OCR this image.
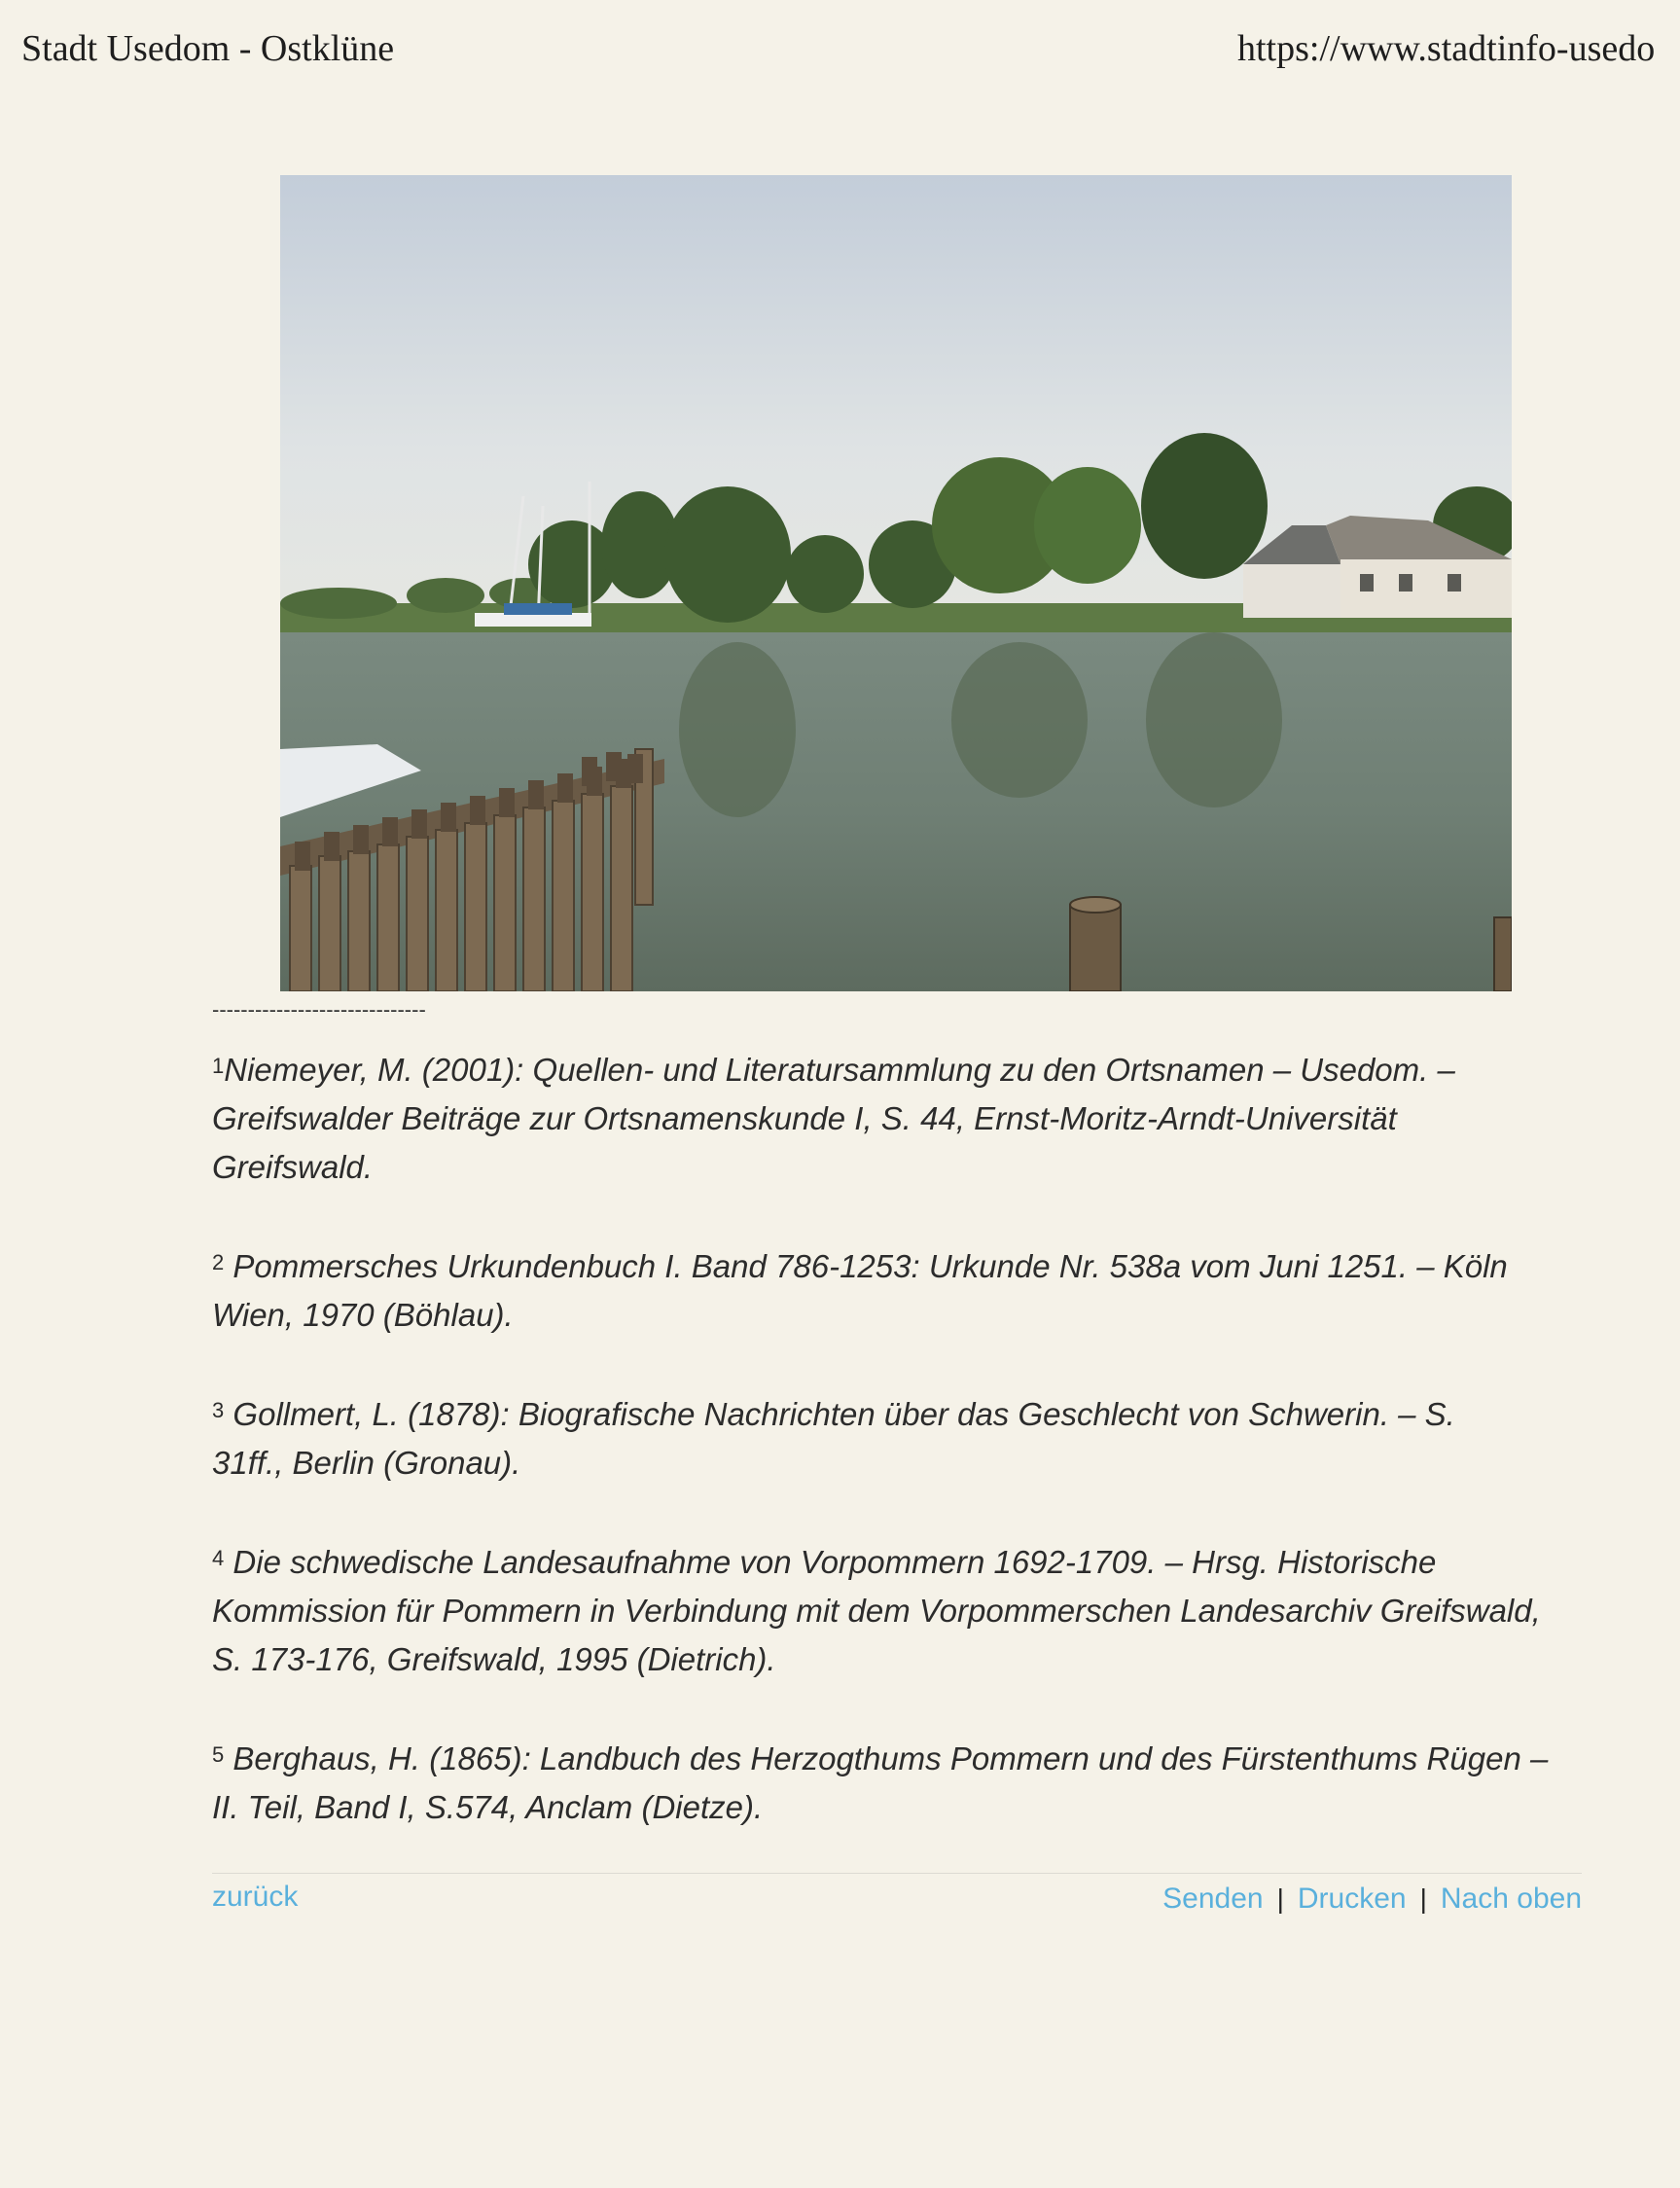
Stadt Usedom - Ostklüne	https://www.stadtinfo-usedo
------------------------------

$^1$Niemeyer, M. (2001): Quellen- und Literatursammlung zu den Ortsnamen – Usedom. –
Greifswalder Beiträge zur Ortsnamenskunde I, S. 44, Ernst-Moritz-Arndt-Universität
Greifswald.

$^2$ Pommersches Urkundenbuch I. Band 786-1253: Urkunde Nr. 538a vom Juni 1251. – Köln
Wien, 1970 (Böhlau).

$^3$ Gollmert, L. (1878): Biografische Nachrichten über das Geschlecht von Schwerin. – S.
31ff., Berlin (Gronau).

$^4$ Die schwedische Landesaufnahme von Vorpommern 1692-1709. – Hrsg. Historische
Kommission für Pommern in Verbindung mit dem Vorpommerschen Landesarchiv Greifswald,
S. 173-176, Greifswald, 1995 (Dietrich).

$^5$ Berghaus, H. (1865): Landbuch des Herzogthums Pommern und des Fürstenthums Rügen –
II. Teil, Band I, S.574, Anclam (Dietze).

zurück	Senden | Drucken | Nach oben
